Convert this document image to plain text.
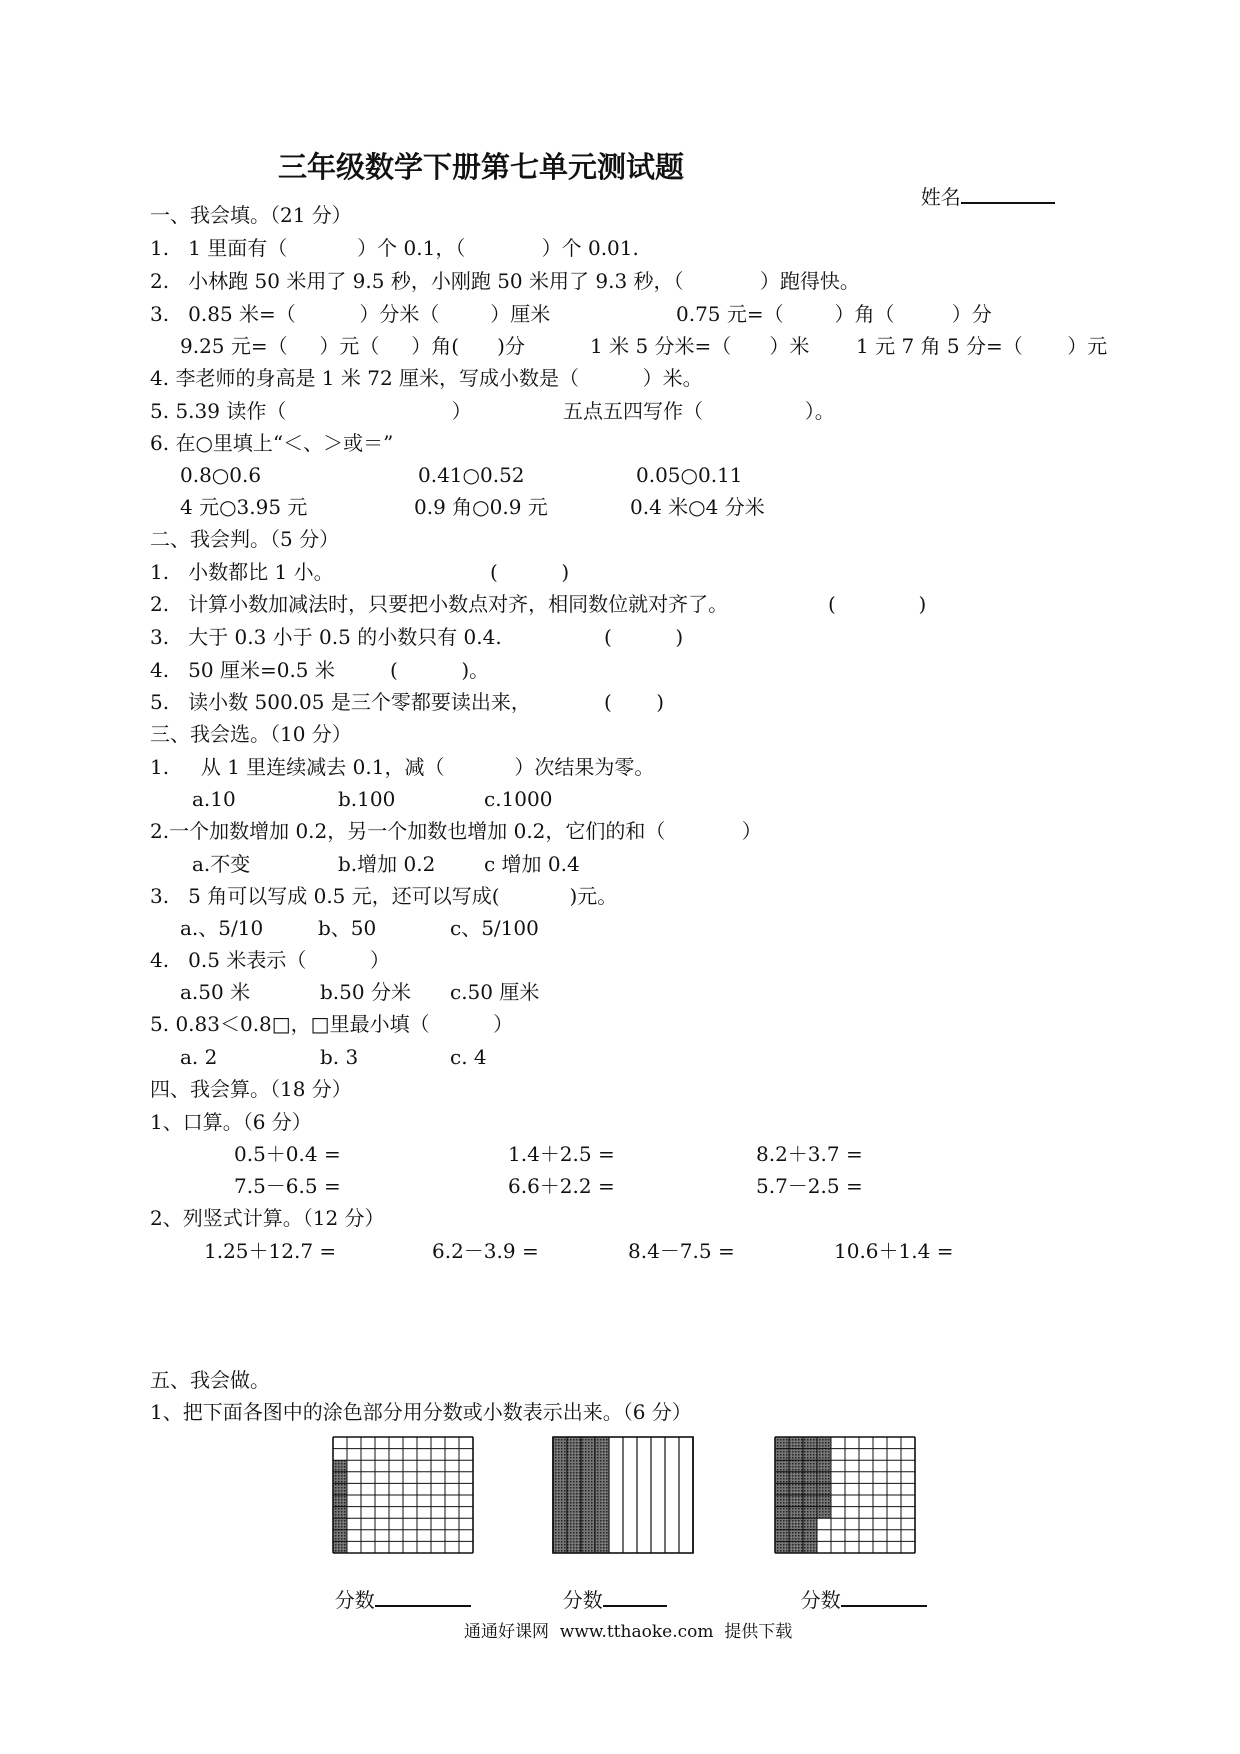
三年级数学下册第七单元测试题

姓名

一、我会填。（21 分）
1.   1 里面有（           ）个 0.1，（            ）个 0.01.
2.   小林跑 50 米用了 9.5 秒，小刚跑 50 米用了 9.3 秒，（            ）跑得快。
3.   0.85 米=（          ）分米（        ）厘米	0.75 元=（        ）角（         ）分
9.25 元=（     ）元（     ）角(      )分	1 米 5 分米=（      ）米 1 元 7 角 5 分=（       ）元
4. 李老师的身高是 1 米 72 厘米，写成小数是（          ）米。
5. 5.39 读作（                          ）	五点五四写作（                ）。
6. 在○里填上“＜、＞或＝”
0.8○0.6	0.41○0.52	0.05○0.11
4 元○3.95 元	0.9 角○0.9 元	0.4 米○4 分米
二、我会判。（5 分）
1.   小数都比 1 小。	(          )
2.   计算小数加减法时，只要把小数点对齐，相同数位就对齐了。	(             )
3.   大于 0.3 小于 0.5 的小数只有 0.4.	(          )
4.   50 厘米=0.5 米	(          )。
5.   读小数 500.05 是三个零都要读出来，	(       )
三、我会选。（10 分）
1.     从 1 里连续减去 0.1，减（           ）次结果为零。
a.10	b.100	c.1000
2.一个加数增加 0.2，另一个加数也增加 0.2，它们的和（            ）
a.不变	b.增加 0.2 c 增加 0.4
3.   5 角可以写成 0.5 元，还可以写成(           )元。
a.、5/10	b、50	c、5/100
4.   0.5 米表示（          ）
a.50 米	b.50 分米 c.50 厘米
5. 0.83＜0.8□，□里最小填（          ）
a. 2	b. 3	c. 4
四、我会算。（18 分）
1、口算。（6 分）
0.5＋0.4 =	1.4＋2.5 =	8.2＋3.7 =
7.5－6.5 =	6.6＋2.2 =	5.7－2.5 =
2、列竖式计算。（12 分）
1.25＋12.7 =	6.2－3.9 =	8.4－7.5 =	10.6＋1.4 =
五、我会做。
1、把下面各图中的涂色部分用分数或小数表示出来。（6 分）

分数	分数	分数

通通好课网  www.tthaoke.com  提供下载
